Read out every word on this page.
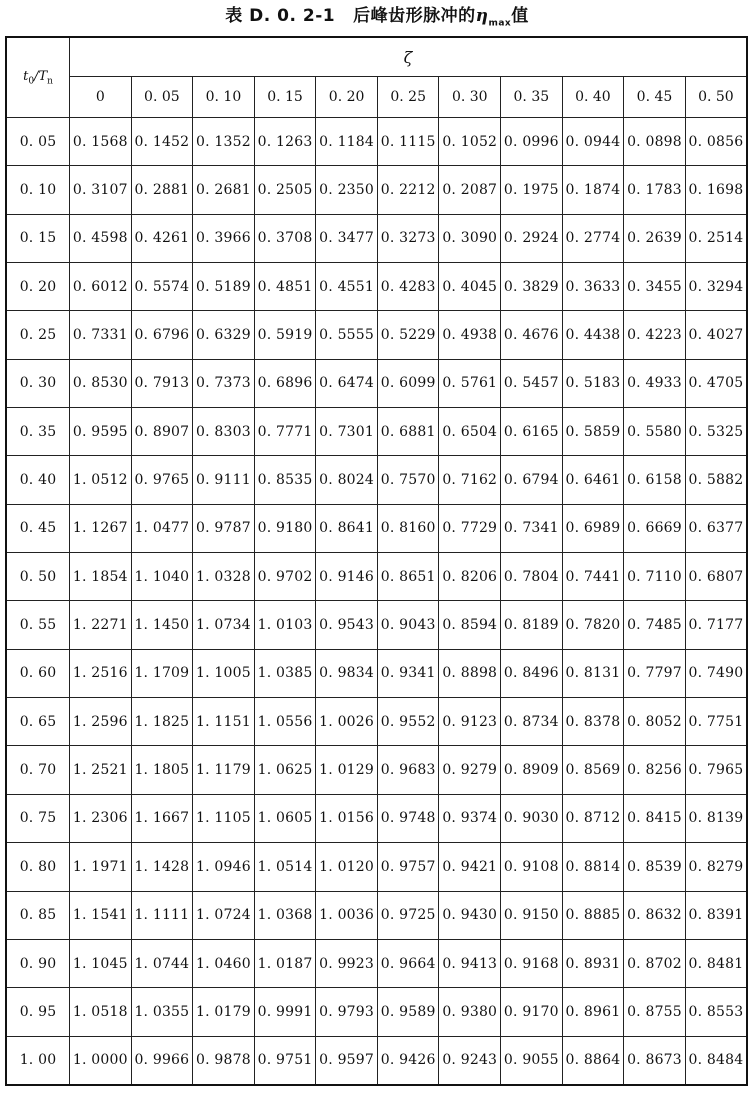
表 D. 0. 2-1 后峰齿形脉冲的$\eta_{max}$值
$t_0/T_n$	ζ										
	0	0. 05	0. 10	0. 15	0. 20	0. 25	0. 30	0. 35	0. 40	0. 45	0. 50
0. 05	0. 1568	0. 1452	0. 1352	0. 1263	0. 1184	0. 1115	0. 1052	0. 0996	0. 0944	0. 0898	0. 0856
0. 10	0. 3107	0. 2881	0. 2681	0. 2505	0. 2350	0. 2212	0. 2087	0. 1975	0. 1874	0. 1783	0. 1698
0. 15	0. 4598	0. 4261	0. 3966	0. 3708	0. 3477	0. 3273	0. 3090	0. 2924	0. 2774	0. 2639	0. 2514
0. 20	0. 6012	0. 5574	0. 5189	0. 4851	0. 4551	0. 4283	0. 4045	0. 3829	0. 3633	0. 3455	0. 3294
0. 25	0. 7331	0. 6796	0. 6329	0. 5919	0. 5555	0. 5229	0. 4938	0. 4676	0. 4438	0. 4223	0. 4027
0. 30	0. 8530	0. 7913	0. 7373	0. 6896	0. 6474	0. 6099	0. 5761	0. 5457	0. 5183	0. 4933	0. 4705
0. 35	0. 9595	0. 8907	0. 8303	0. 7771	0. 7301	0. 6881	0. 6504	0. 6165	0. 5859	0. 5580	0. 5325
0. 40	1. 0512	0. 9765	0. 9111	0. 8535	0. 8024	0. 7570	0. 7162	0. 6794	0. 6461	0. 6158	0. 5882
0. 45	1. 1267	1. 0477	0. 9787	0. 9180	0. 8641	0. 8160	0. 7729	0. 7341	0. 6989	0. 6669	0. 6377
0. 50	1. 1854	1. 1040	1. 0328	0. 9702	0. 9146	0. 8651	0. 8206	0. 7804	0. 7441	0. 7110	0. 6807
0. 55	1. 2271	1. 1450	1. 0734	1. 0103	0. 9543	0. 9043	0. 8594	0. 8189	0. 7820	0. 7485	0. 7177
0. 60	1. 2516	1. 1709	1. 1005	1. 0385	0. 9834	0. 9341	0. 8898	0. 8496	0. 8131	0. 7797	0. 7490
0. 65	1. 2596	1. 1825	1. 1151	1. 0556	1. 0026	0. 9552	0. 9123	0. 8734	0. 8378	0. 8052	0. 7751
0. 70	1. 2521	1. 1805	1. 1179	1. 0625	1. 0129	0. 9683	0. 9279	0. 8909	0. 8569	0. 8256	0. 7965
0. 75	1. 2306	1. 1667	1. 1105	1. 0605	1. 0156	0. 9748	0. 9374	0. 9030	0. 8712	0. 8415	0. 8139
0. 80	1. 1971	1. 1428	1. 0946	1. 0514	1. 0120	0. 9757	0. 9421	0. 9108	0. 8814	0. 8539	0. 8279
0. 85	1. 1541	1. 1111	1. 0724	1. 0368	1. 0036	0. 9725	0. 9430	0. 9150	0. 8885	0. 8632	0. 8391
0. 90	1. 1045	1. 0744	1. 0460	1. 0187	0. 9923	0. 9664	0. 9413	0. 9168	0. 8931	0. 8702	0. 8481
0. 95	1. 0518	1. 0355	1. 0179	0. 9991	0. 9793	0. 9589	0. 9380	0. 9170	0. 8961	0. 8755	0. 8553
1. 00	1. 0000	0. 9966	0. 9878	0. 9751	0. 9597	0. 9426	0. 9243	0. 9055	0. 8864	0. 8673	0. 8484
